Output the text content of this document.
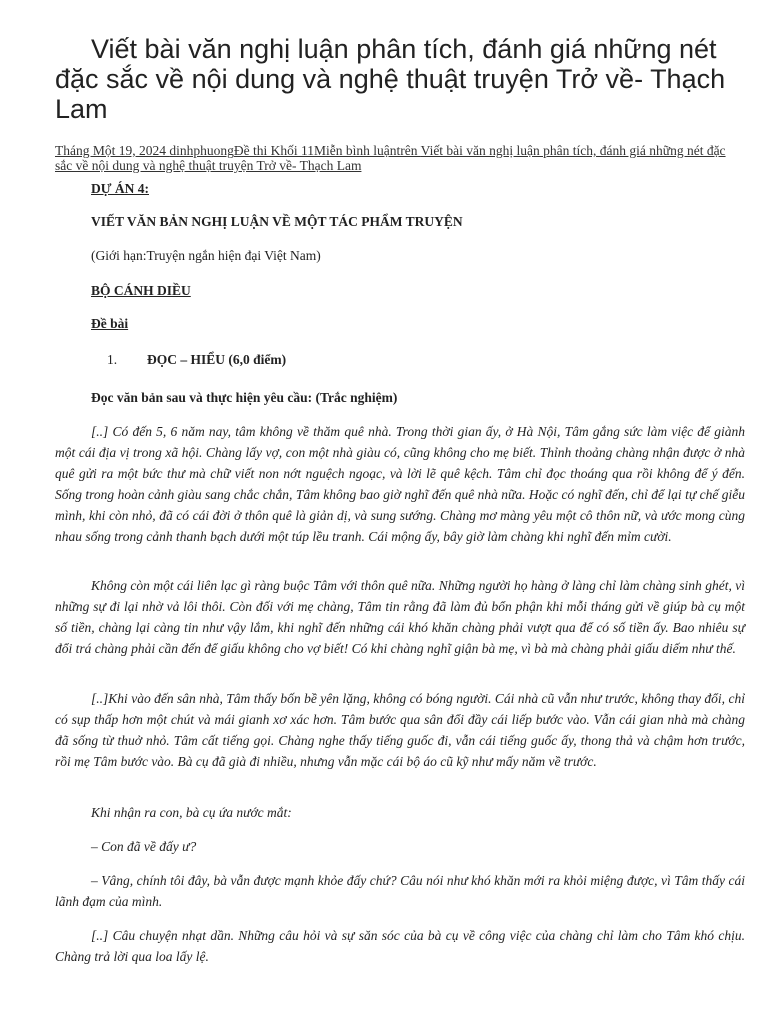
Viết bài văn nghị luận phân tích, đánh giá những nét đặc sắc về nội dung và nghệ thuật truyện Trở về- Thạch Lam
Tháng Một 19, 2024 dinhphuongĐề thi Khối 11Miễn bình luậntrên Viết bài văn nghị luận phân tích, đánh giá những nét đặc sắc về nội dung và nghệ thuật truyện Trở về- Thạch Lam

DỰ ÁN 4:

VIẾT VĂN BẢN NGHỊ LUẬN VỀ MỘT TÁC PHẨM TRUYỆN

(Giới hạn:Truyện ngắn hiện đại Việt Nam)

BỘ CÁNH DIỀU

Đề bài

1. ĐỌC – HIỂU (6,0 điểm)

Đọc văn bản sau và thực hiện yêu cầu: (Trắc nghiệm)

[..] Có đến 5, 6 năm nay, tâm không về thăm quê nhà. Trong thời gian ấy, ở Hà Nội, Tâm gắng sức làm việc để giành một cái địa vị trong xã hội. Chàng lấy vợ, con một nhà giàu có, cũng không cho mẹ biết. Thỉnh thoảng chàng nhận được ở nhà quê gửi ra một bức thư mà chữ viết non nớt nguệch ngoạc, và lời lẽ quê kệch. Tâm chỉ đọc thoáng qua rồi không để ý đến. Sống trong hoàn cảnh giàu sang chắc chắn, Tâm không bao giờ nghĩ đến quê nhà nữa. Hoặc có nghĩ đến, chỉ để lại tự chế giễu mình, khi còn nhỏ, đã có cái đời ở thôn quê là giản dị, và sung sướng. Chàng mơ màng yêu một cô thôn nữ, và ước mong cùng nhau sống trong cảnh thanh bạch dưới một túp lều tranh. Cái mộng ấy, bây giờ làm chàng khi nghĩ đến mỉm cười.

Không còn một cái liên lạc gì ràng buộc Tâm với thôn quê nữa. Những người họ hàng ở làng chỉ làm chàng sinh ghét, vì những sự đi lại nhờ vả lôi thôi. Còn đối với mẹ chàng, Tâm tin rằng đã làm đủ bổn phận khi mỗi tháng gửi về giúp bà cụ một số tiền, chàng lại càng tin như vậy lắm, khi nghĩ đến những cái khó khăn chàng phải vượt qua để có số tiền ấy. Bao nhiêu sự đổi trá chàng phải cần đến để giấu không cho vợ biết! Có khi chàng nghĩ giận bà mẹ, vì bà mà chàng phải giấu diếm như thế.

[..]Khi vào đến sân nhà, Tâm thấy bốn bề yên lặng, không có bóng người. Cái nhà cũ vẫn như trước, không thay đổi, chỉ có sụp thấp hơn một chút và mái gianh xơ xác hơn. Tâm bước qua sân đổi đầy cái liếp bước vào. Vẫn cái gian nhà mà chàng đã sống từ thuở nhỏ. Tâm cất tiếng gọi. Chàng nghe thấy tiếng guốc đi, vẫn cái tiếng guốc ấy, thong thả và chậm hơn trước, rồi mẹ Tâm bước vào. Bà cụ đã già đi nhiều, nhưng vẫn mặc cái bộ áo cũ kỹ như mấy năm về trước.

Khi nhận ra con, bà cụ ứa nước mắt:

– Con đã về đấy ư?

– Vâng, chính tôi đây, bà vẫn được mạnh khỏe đấy chứ? Câu nói như khó khăn mới ra khỏi miệng được, vì Tâm thấy cái lãnh đạm của mình.

[..] Câu chuyện nhạt dần. Những câu hỏi và sự săn sóc của bà cụ về công việc của chàng chỉ làm cho Tâm khó chịu. Chàng trả lời qua loa lấy lệ.
